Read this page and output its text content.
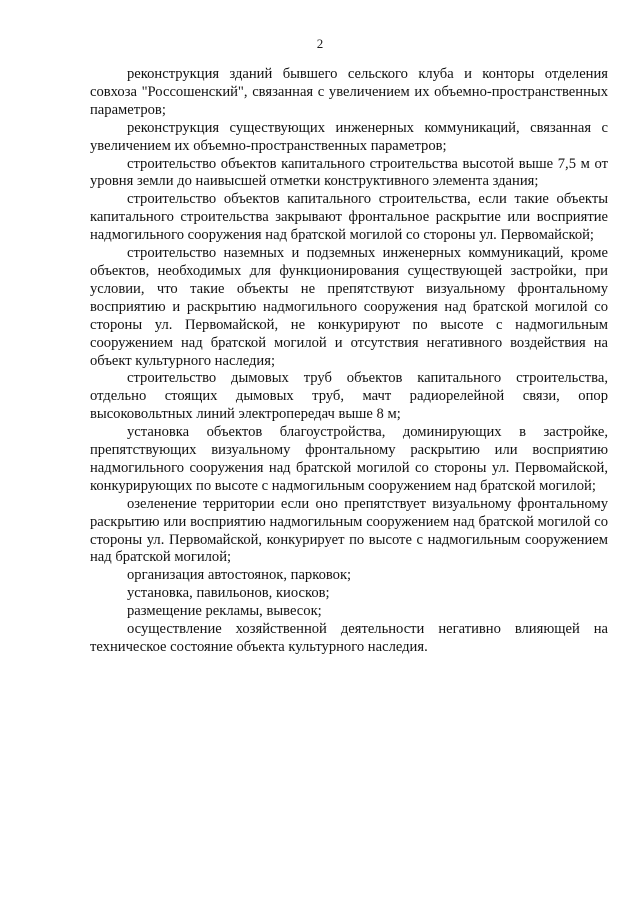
2

реконструкция зданий бывшего сельского клуба и конторы отделения совхоза "Россошенский", связанная с увеличением их объемно-пространственных параметров;

реконструкция существующих инженерных коммуникаций, связанная с увеличением их объемно-пространственных параметров;

строительство объектов капитального строительства высотой выше 7,5 м от уровня земли до наивысшей отметки конструктивного элемента здания;

строительство объектов капитального строительства, если такие объекты капитального строительства закрывают фронтальное раскрытие или восприятие надмогильного сооружения над братской могилой со стороны ул. Первомайской;

строительство наземных и подземных инженерных коммуникаций, кроме объектов, необходимых для функционирования существующей застройки, при условии, что такие объекты не препятствуют визуальному фронтальному восприятию и раскрытию надмогильного сооружения над братской могилой со стороны ул. Первомайской, не конкурируют по высоте с надмогильным сооружением над братской могилой и отсутствия негативного воздействия на объект культурного наследия;

строительство дымовых труб объектов капитального строительства, отдельно стоящих дымовых труб, мачт радиорелейной связи, опор высоковольтных линий электропередач выше 8 м;

установка объектов благоустройства, доминирующих в застройке, препятствующих визуальному фронтальному раскрытию или восприятию надмогильного сооружения над братской могилой со стороны ул. Первомайской, конкурирующих по высоте с надмогильным сооружением над братской могилой;

озеленение территории если оно препятствует визуальному фронтальному раскрытию или восприятию надмогильным сооружением над братской могилой со стороны ул. Первомайской, конкурирует по высоте с надмогильным сооружением над братской могилой;

организация автостоянок, парковок;

установка, павильонов, киосков;

размещение рекламы, вывесок;

осуществление хозяйственной деятельности негативно влияющей на техническое состояние объекта культурного наследия.
